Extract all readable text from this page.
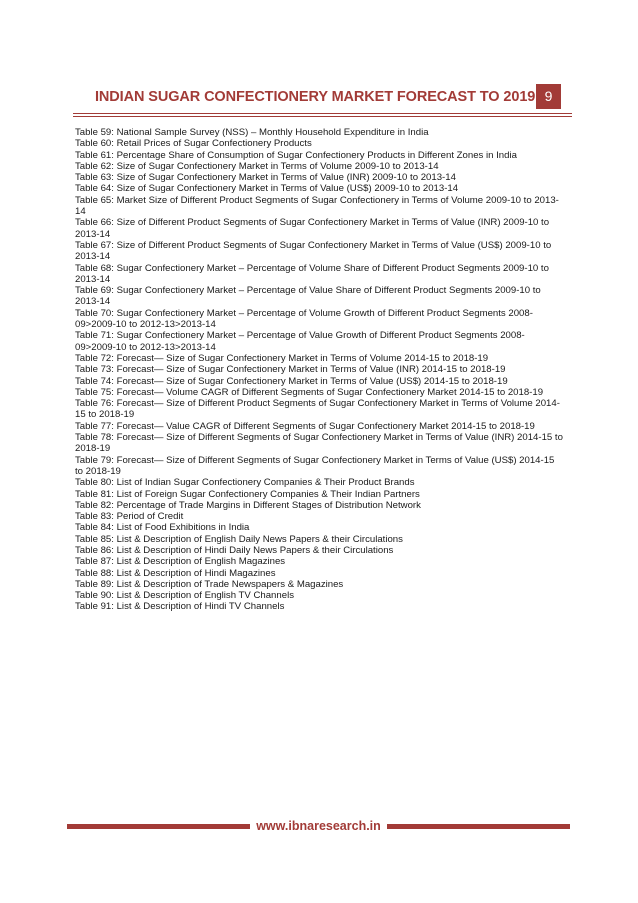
INDIAN SUGAR CONFECTIONERY MARKET FORECAST TO 2019 9
Table 59: National Sample Survey (NSS) – Monthly Household Expenditure in India
Table 60: Retail Prices of Sugar Confectionery Products
Table 61: Percentage Share of Consumption of Sugar Confectionery Products in Different Zones in India
Table 62: Size of Sugar Confectionery Market in Terms of Volume 2009-10 to 2013-14
Table 63: Size of Sugar Confectionery Market in Terms of Value (INR) 2009-10 to 2013-14
Table 64: Size of Sugar Confectionery Market in Terms of Value (US$) 2009-10 to 2013-14
Table 65: Market Size of Different Product Segments of Sugar Confectionery in Terms of Volume 2009-10 to 2013-14
Table 66: Size of Different Product Segments of Sugar Confectionery Market in Terms of Value (INR) 2009-10 to 2013-14
Table 67: Size of Different Product Segments of Sugar Confectionery Market in Terms of Value (US$) 2009-10 to 2013-14
Table 68: Sugar Confectionery Market – Percentage of Volume Share of Different Product Segments 2009-10 to 2013-14
Table 69: Sugar Confectionery Market – Percentage of Value Share of Different Product Segments 2009-10 to 2013-14
Table 70: Sugar Confectionery Market – Percentage of Volume Growth of Different Product Segments 2008-09>2009-10 to 2012-13>2013-14
Table 71: Sugar Confectionery Market – Percentage of Value Growth of Different Product Segments 2008-09>2009-10 to 2012-13>2013-14
Table 72: Forecast— Size of Sugar Confectionery Market in Terms of Volume 2014-15 to 2018-19
Table 73: Forecast— Size of Sugar Confectionery Market in Terms of Value (INR) 2014-15 to 2018-19
Table 74: Forecast— Size of Sugar Confectionery Market in Terms of Value (US$) 2014-15 to 2018-19
Table 75: Forecast— Volume CAGR of Different Segments of Sugar Confectionery Market 2014-15 to 2018-19
Table 76: Forecast— Size of Different Product Segments of Sugar Confectionery Market in Terms of Volume 2014-15 to 2018-19
Table 77: Forecast— Value CAGR of Different Segments of Sugar Confectionery Market 2014-15 to 2018-19
Table 78: Forecast— Size of Different Segments of Sugar Confectionery Market in Terms of Value (INR) 2014-15 to 2018-19
Table 79: Forecast— Size of Different Segments of Sugar Confectionery Market in Terms of Value (US$) 2014-15 to 2018-19
Table 80: List of Indian Sugar Confectionery Companies & Their Product Brands
Table 81: List of Foreign Sugar Confectionery Companies & Their Indian Partners
Table 82: Percentage of Trade Margins in Different Stages of Distribution Network
Table 83: Period of Credit
Table 84: List of Food Exhibitions in India
Table 85: List & Description of English Daily News Papers & their Circulations
Table 86: List & Description of Hindi Daily News Papers & their Circulations
Table 87: List & Description of English Magazines
Table 88: List & Description of Hindi Magazines
Table 89: List & Description of Trade Newspapers & Magazines
Table 90: List & Description of English TV Channels
Table 91: List & Description of Hindi TV Channels
www.ibnaresearch.in
